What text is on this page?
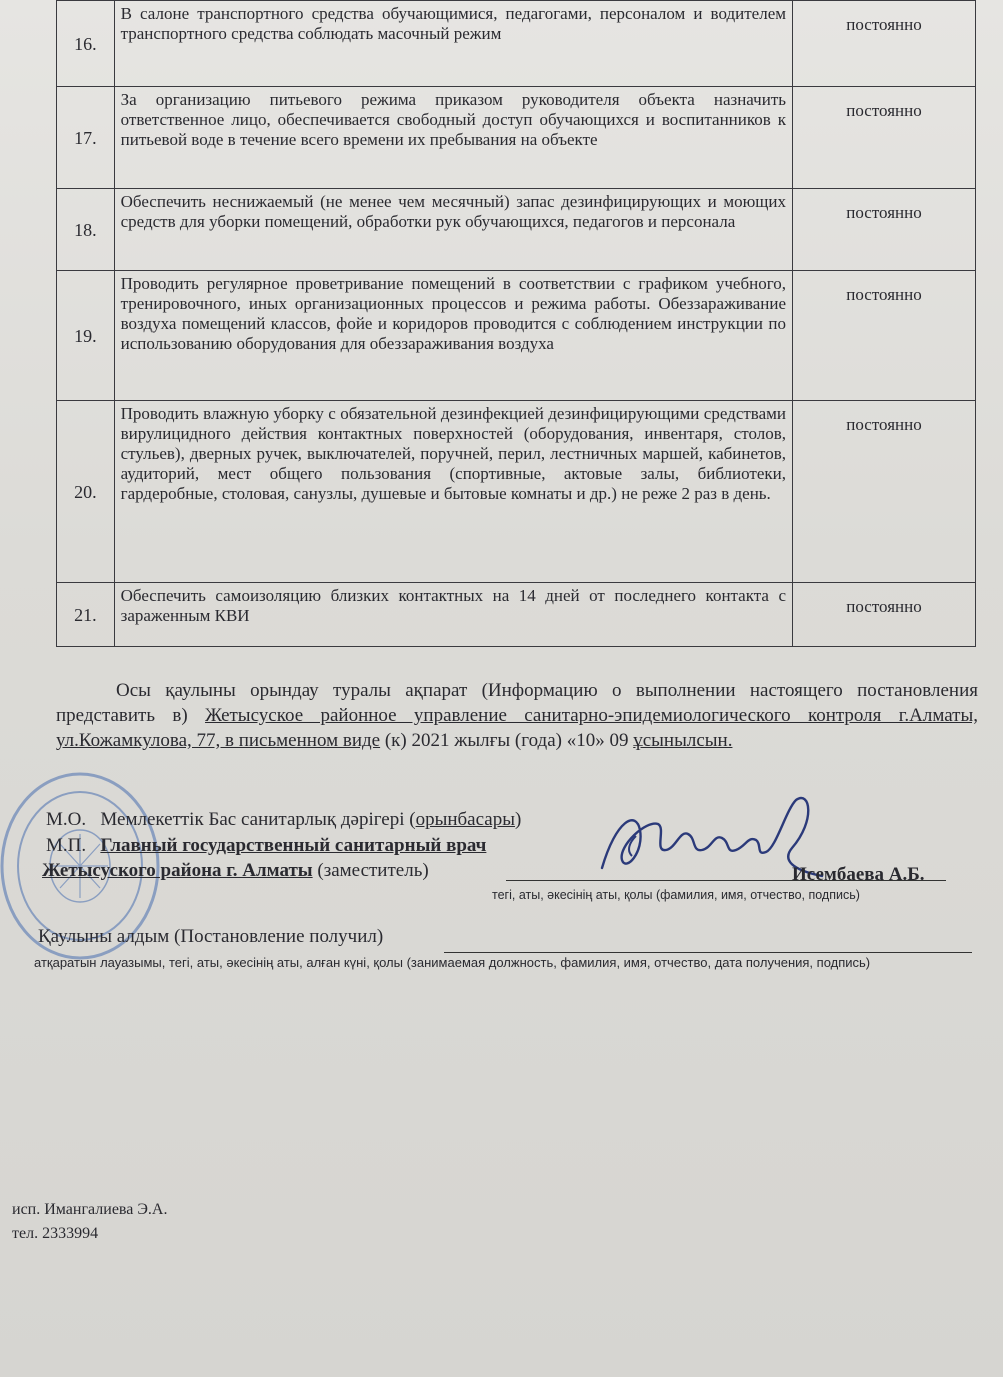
16.	В салоне транспортного средства обучающимися, педагогами, персоналом и водителем транспортного средства соблюдать масочный режим	постоянно
17.	За организацию питьевого режима приказом руководителя объекта назначить ответственное лицо, обеспечивается свободный доступ обучающихся и воспитанников к питьевой воде в течение всего времени их пребывания на объекте	постоянно
18.	Обеспечить неснижаемый (не менее чем месячный) запас дезинфицирующих и моющих средств для уборки помещений, обработки рук обучающихся, педагогов и персонала	постоянно
19.	Проводить регулярное проветривание помещений в соответствии с графиком учебного, тренировочного, иных организационных процессов и режима работы. Обеззараживание воздуха помещений классов, фойе и коридоров проводится с соблюдением инструкции по использованию оборудования для обеззараживания воздуха	постоянно
20.	Проводить влажную уборку с обязательной дезинфекцией дезинфицирующими средствами вирулицидного действия контактных поверхностей (оборудования, инвентаря, столов, стульев), дверных ручек, выключателей, поручней, перил, лестничных маршей, кабинетов, аудиторий, мест общего пользования (спортивные, актовые залы, библиотеки, гардеробные, столовая, санузлы, душевые и бытовые комнаты и др.) не реже 2 раз в день.	постоянно
21.	Обеспечить самоизоляцию близких контактных на 14 дней от последнего контакта с зараженным КВИ	постоянно
Осы қаулыны орындау туралы ақпарат (Информацию о выполнении настоящего постановления представить в) Жетысуское районное управление санитарно-эпидемиологического контроля г.Алматы, ул.Кожамкулова, 77, в письменном виде (к) 2021 жылғы (года) «10» 09 ұсынылсын.
М.О. Мемлекеттік Бас санитарлық дәрігері (орынбасары)
М.П. Главный государственный санитарный врач
Жетысуского района г. Алматы (заместитель)	Исембаева А.Б.
тегі, аты, әкесінің аты, қолы (фамилия, имя, отчество, подпись)
Қаулыны алдым (Постановление получил)
атқаратын лауазымы, тегі, аты, әкесінің аты, алған күні, қолы (занимаемая должность, фамилия, имя, отчество, дата получения, подпись)
исп. Имангалиева Э.А.
тел. 2333994
